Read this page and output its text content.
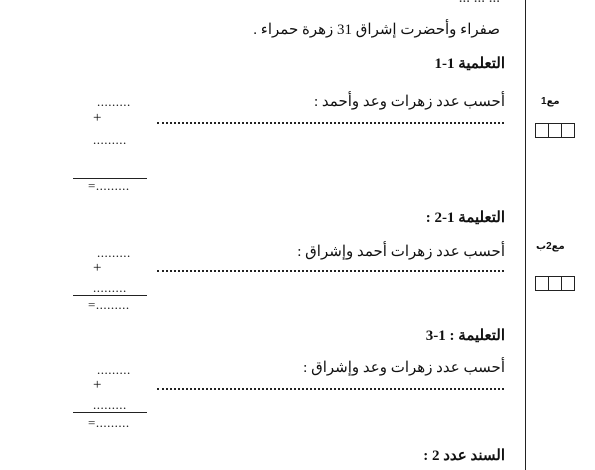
صفراء وأحضرت إشراق 31 زهرة حمراء .
التعلمية 1-1
أحسب عدد زهرات وعد وأحمد :
.........
+
.........
=.........
مع1
التعليمة 1-2 :
أحسب عدد زهرات أحمد وإشراق :
.........
+
.........
=.........
مع2ب
التعليمة : 1-3
أحسب عدد زهرات وعد وإشراق :
.........
+
.........
=.........
السند عدد 2 :
